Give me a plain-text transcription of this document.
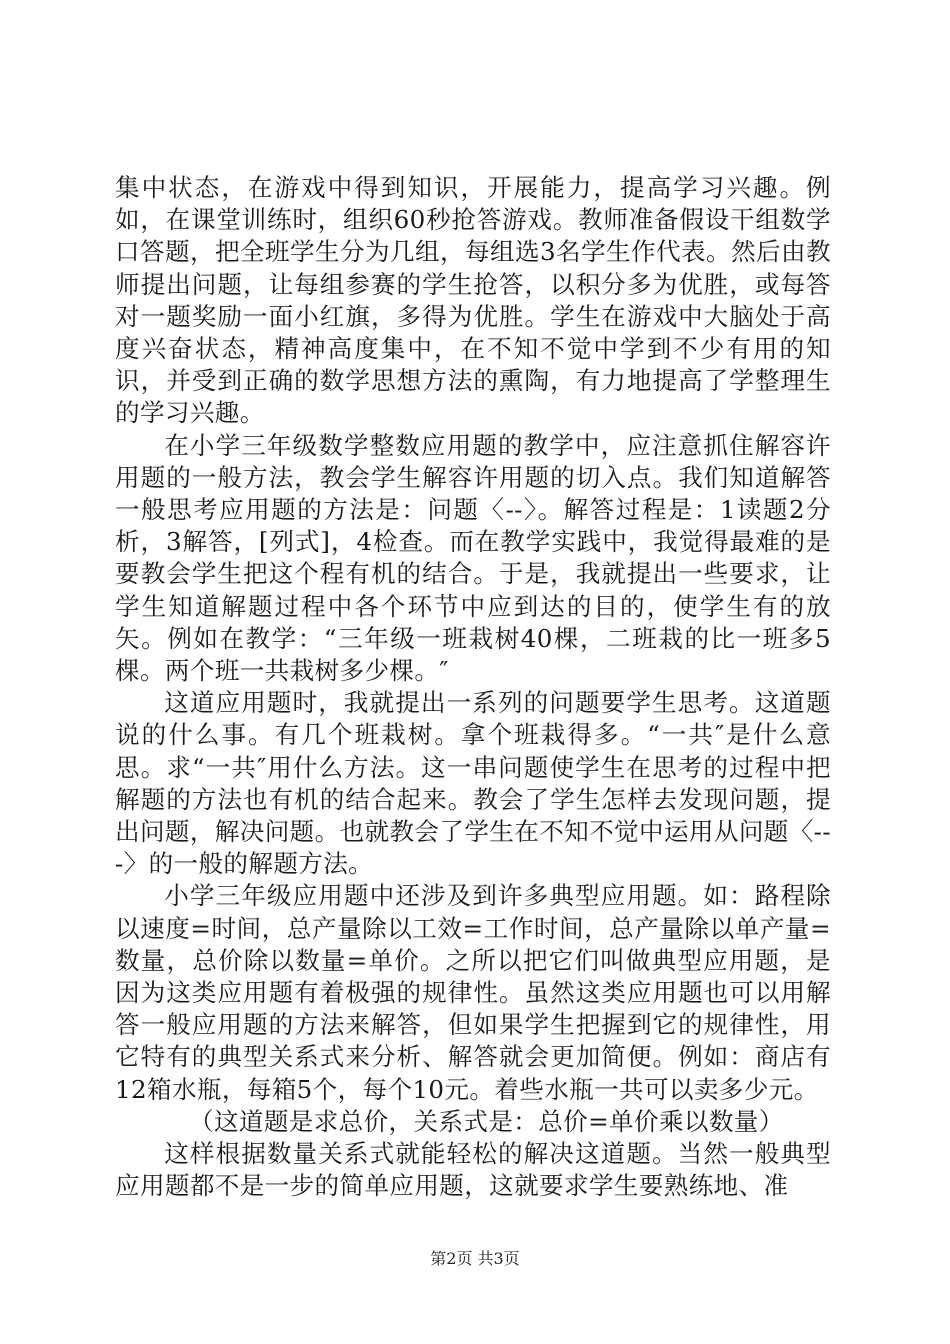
集中状态，在游戏中得到知识，开展能力，提高学习兴趣。例如，在课堂训练时，组织60秒抢答游戏。教师准备假设干组数学口答题，把全班学生分为几组，每组选3名学生作代表。然后由教师提出问题，让每组参赛的学生抢答，以积分多为优胜，或每答对一题奖励一面小红旗，多得为优胜。学生在游戏中大脑处于高度兴奋状态，精神高度集中，在不知不觉中学到不少有用的知识，并受到正确的数学思想方法的熏陶，有力地提高了学整理生的学习兴趣。

在小学三年级数学整数应用题的教学中，应注意抓住解容许用题的一般方法，教会学生解容许用题的切入点。我们知道解答一般思考应用题的方法是：问题〈--〉。解答过程是：1读题2分析，3解答，[列式]，4检查。而在教学实践中，我觉得最难的是要教会学生把这个程有机的结合。于是，我就提出一些要求，让学生知道解题过程中各个环节中应到达的目的，使学生有的放矢。例如在教学：“三年级一班栽树40棵，二班栽的比一班多5棵。两个班一共栽树多少棵。″

这道应用题时，我就提出一系列的问题要学生思考。这道题说的什么事。有几个班栽树。拿个班栽得多。“一共″是什么意思。求“一共″用什么方法。这一串问题使学生在思考的过程中把解题的方法也有机的结合起来。教会了学生怎样去发现问题，提出问题，解决问题。也就教会了学生在不知不觉中运用从问题〈---〉的一般的解题方法。

小学三年级应用题中还涉及到许多典型应用题。如：路程除以速度=时间，总产量除以工效=工作时间，总产量除以单产量=数量，总价除以数量=单价。之所以把它们叫做典型应用题，是因为这类应用题有着极强的规律性。虽然这类应用题也可以用解答一般应用题的方法来解答，但如果学生把握到它的规律性，用它特有的典型关系式来分析、解答就会更加简便。例如：商店有12箱水瓶，每箱5个，每个10元。着些水瓶一共可以卖多少元。

（这道题是求总价，关系式是：总价=单价乘以数量）

这样根据数量关系式就能轻松的解决这道题。当然一般典型应用题都不是一步的简单应用题，这就要求学生要熟练地、准

第2页 共3页
